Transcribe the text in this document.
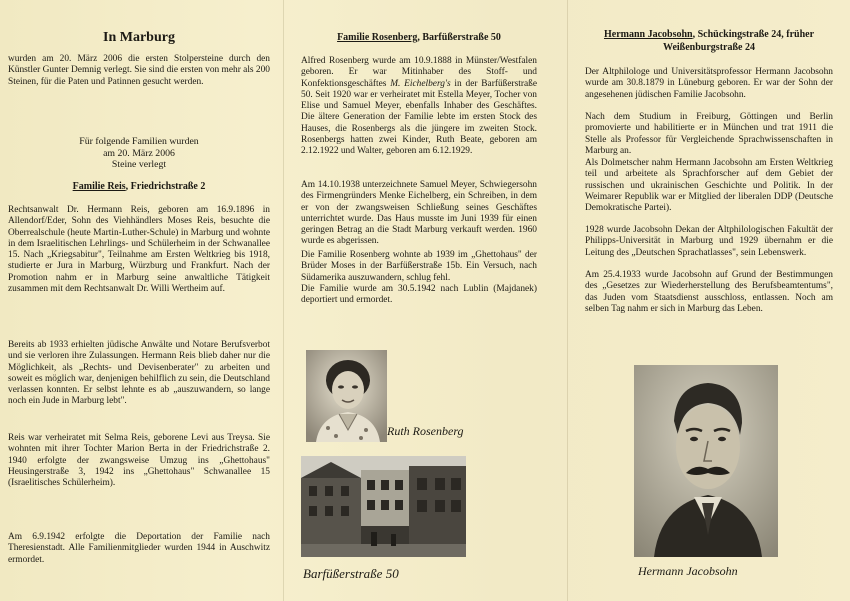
In Marburg

wurden am 20. März 2006 die ersten Stolpersteine durch den Künstler Gunter Demnig verlegt. Sie sind die ersten von mehr als 200 Steinen, für die Paten und Patinnen gesucht werden.

Für folgende Familien wurden
am 20. März 2006
Steine verlegt
Familie Reis, Friedrichstraße 2

Rechtsanwalt Dr. Hermann Reis, geboren am 16.9.1896 in Allendorf/Eder, Sohn des Viehhändlers Moses Reis, besuchte die Oberrealschule (heute Martin-Luther-Schule) in Marburg und wohnte in dem Israelitischen Lehrlings- und Schülerheim in der Schwanallee 15. Nach „Kriegsabitur", Teilnahme am Ersten Weltkrieg bis 1918, studierte er Jura in Marburg, Würzburg und Frankfurt. Nach der Promotion nahm er in Marburg seine anwaltliche Tätigkeit zusammen mit dem Rechtsanwalt Dr. Willi Wertheim auf.

Bereits ab 1933 erhielten jüdische Anwälte und Notare Berufsverbot und sie verloren ihre Zulassungen. Hermann Reis blieb daher nur die Möglichkeit, als „Rechts- und Devisenberater" zu arbeiten und soweit es möglich war, denjenigen behilflich zu sein, die Deutschland verlassen konnten. Er selbst lehnte es ab „auszuwandern, so lange noch ein Jude in Marburg lebt".

Reis war verheiratet mit Selma Reis, geborene Levi aus Treysa. Sie wohnten mit ihrer Tochter Marion Berta in der Friedrichstraße 2. 1940 erfolgte der zwangsweise Umzug ins „Ghettohaus" Heusingerstraße 3, 1942 ins „Ghettohaus" Schwanallee 15 (Israelitisches Schülerheim).

Am 6.9.1942 erfolgte die Deportation der Familie nach Theresienstadt. Alle Familienmitglieder wurden 1944 in Auschwitz ermordet.

Familie Rosenberg, Barfüßerstraße 50

Alfred Rosenberg wurde am 10.9.1888 in Münster/Westfalen geboren. Er war Mitinhaber des Stoff- und Konfektionsgeschäftes M. Eichelberg's in der Barfüßerstraße 50. Seit 1920 war er verheiratet mit Estella Meyer, Tocher von Elise und Samuel Meyer, ebenfalls Inhaber des Geschäftes. Die ältere Generation der Familie lebte im ersten Stock des Hauses, die Rosenbergs als die jüngere im zweiten Stock. Rosenbergs hatten zwei Kinder, Ruth Beate, geboren am 2.12.1922 und Walter, geboren am 6.12.1929.

Am 14.10.1938 unterzeichnete Samuel Meyer, Schwiegersohn des Firmengründers Menke Eichelberg, ein Schreiben, in dem er von der zwangsweisen Schließung seines Geschäftes unterrichtet wurde. Das Haus musste im Juni 1939 für einen geringen Betrag an die Stadt Marburg verkauft werden. 1960 wurde es abgerissen.

Die Familie Rosenberg wohnte ab 1939 im „Ghettohaus" der Brüder Moses in der Barfüßerstraße 15b. Ein Versuch, nach Südamerika auszuwandern, schlug fehl.

Die Familie wurde am 30.5.1942 nach Lublin (Majdanek) deportiert und ermordet.

Ruth Rosenberg
Barfüßerstraße 50
Hermann Jacobsohn, Schückingstraße 24, früher
Weißenburgstraße 24

Der Altphilologe und Universitätsprofessor Hermann Jacobsohn wurde am 30.8.1879 in Lüneburg geboren. Er war der Sohn der angesehenen jüdischen Familie Jacobsohn.

Nach dem Studium in Freiburg, Göttingen und Berlin promovierte und habilitierte er in München und trat 1911 die Stelle als Professor für Vergleichende Sprachwissenschaften in Marburg an.

Als Dolmetscher nahm Hermann Jacobsohn am Ersten Weltkrieg teil und arbeitete als Sprachforscher auf dem Gebiet der russischen und ukrainischen Geschichte und Politik. In der Weimarer Republik war er Mitglied der liberalen DDP (Deutsche Demokratische Partei).

1928 wurde Jacobsohn Dekan der Altphilologischen Fakultät der Philipps-Universität in Marburg und 1929 übernahm er die Leitung des „Deutschen Sprachatlasses", sein Lebenswerk.

Am 25.4.1933 wurde Jacobsohn auf Grund der Bestimmungen des „Gesetzes zur Wiederherstellung des Berufsbeamtentums", das Juden vom Staatsdienst ausschloss, entlassen. Noch am selben Tag nahm er sich in Marburg das Leben.

Hermann Jacobsohn
